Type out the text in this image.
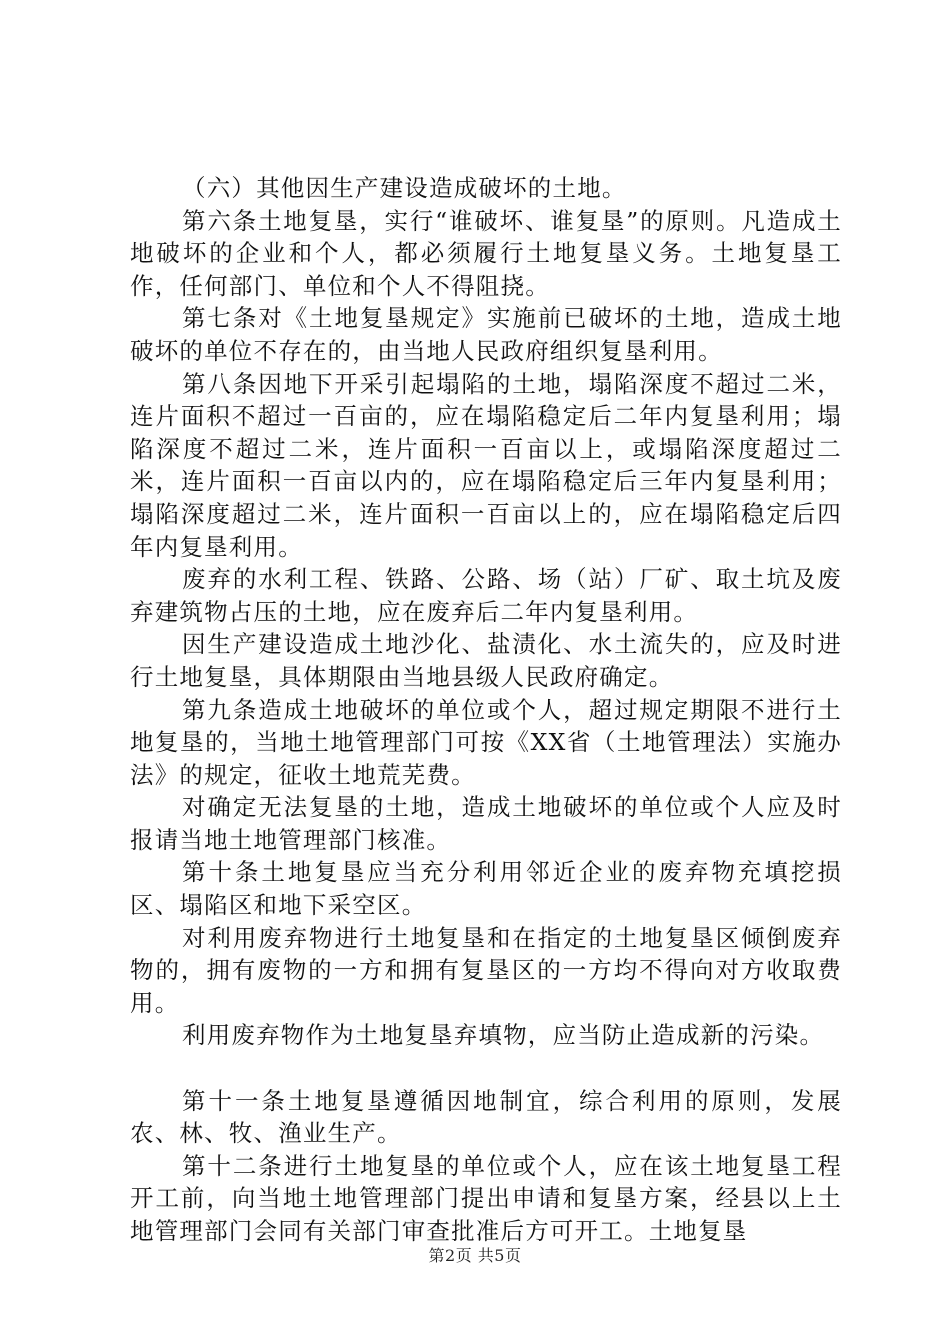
（六）其他因生产建设造成破坏的土地。

第六条土地复垦，实行“谁破坏、谁复垦”的原则。凡造成土地破坏的企业和个人，都必须履行土地复垦义务。土地复垦工作，任何部门、单位和个人不得阻挠。

第七条对《土地复垦规定》实施前已破坏的土地，造成土地破坏的单位不存在的，由当地人民政府组织复垦利用。

第八条因地下开采引起塌陷的土地，塌陷深度不超过二米，连片面积不超过一百亩的，应在塌陷稳定后二年内复垦利用；塌陷深度不超过二米，连片面积一百亩以上，或塌陷深度超过二米，连片面积一百亩以内的，应在塌陷稳定后三年内复垦利用；塌陷深度超过二米，连片面积一百亩以上的，应在塌陷稳定后四年内复垦利用。

废弃的水利工程、铁路、公路、场（站）厂矿、取土坑及废弃建筑物占压的土地，应在废弃后二年内复垦利用。

因生产建设造成土地沙化、盐渍化、水土流失的，应及时进行土地复垦，具体期限由当地县级人民政府确定。

第九条造成土地破坏的单位或个人，超过规定期限不进行土地复垦的，当地土地管理部门可按《XX省（土地管理法）实施办法》的规定，征收土地荒芜费。

对确定无法复垦的土地，造成土地破坏的单位或个人应及时报请当地土地管理部门核准。

第十条土地复垦应当充分利用邻近企业的废弃物充填挖损区、塌陷区和地下采空区。

对利用废弃物进行土地复垦和在指定的土地复垦区倾倒废弃物的，拥有废物的一方和拥有复垦区的一方均不得向对方收取费用。

利用废弃物作为土地复垦弃填物，应当防止造成新的污染。

第十一条土地复垦遵循因地制宜，综合利用的原则，发展农、林、牧、渔业生产。

第十二条进行土地复垦的单位或个人，应在该土地复垦工程开工前，向当地土地管理部门提出申请和复垦方案，经县以上土地管理部门会同有关部门审查批准后方可开工。土地复垦

第2页 共5页
